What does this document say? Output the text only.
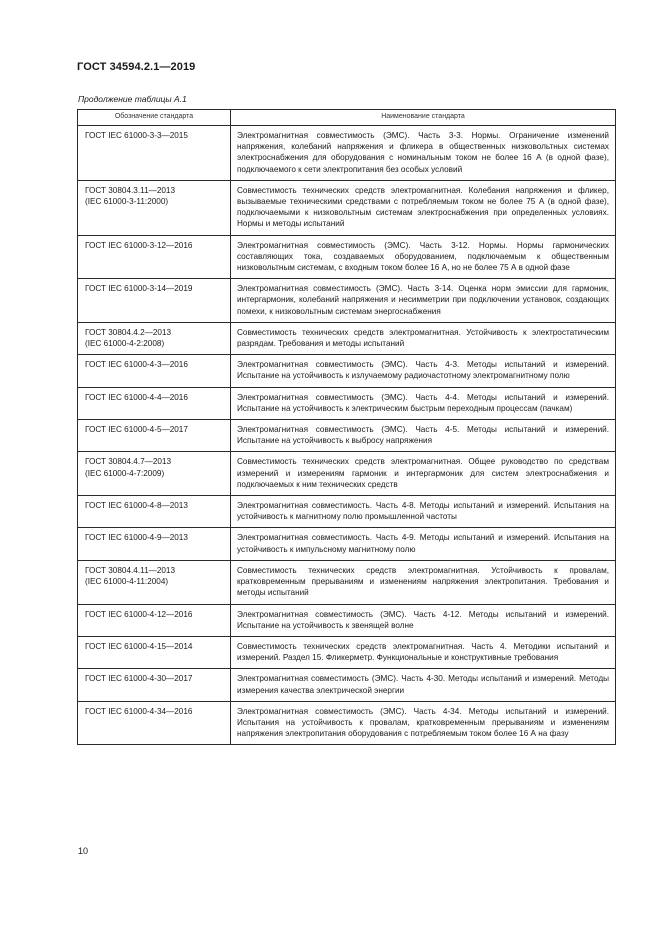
ГОСТ 34594.2.1—2019
Продолжение таблицы А.1
Обозначение стандарта	Наименование стандарта
ГОСТ IEC 61000-3-3—2015	Электромагнитная совместимость (ЭМС). Часть 3-3. Нормы. Ограничение изменений напряжения, колебаний напряжения и фликера в общественных низковольтных системах электроснабжения для оборудования с номинальным током не более 16 А (в одной фазе), подключаемого к сети электропитания без особых условий
ГОСТ 30804.3.11—2013
(IEC 61000-3-11:2000)	Совместимость технических средств электромагнитная. Колебания напряжения и фликер, вызываемые техническими средствами с потребляемым током не более 75 А (в одной фазе), подключаемыми к низковольтным системам электроснабжения при определенных условиях. Нормы и методы испытаний
ГОСТ IEC 61000-3-12—2016	Электромагнитная совместимость (ЭМС). Часть 3-12. Нормы. Нормы гармонических составляющих тока, создаваемых оборудованием, подключаемым к общественным низковольтным системам, с входным током более 16 А, но не более 75 А в одной фазе
ГОСТ IEC 61000-3-14—2019	Электромагнитная совместимость (ЭМС). Часть 3-14. Оценка норм эмиссии для гармоник, интергармоник, колебаний напряжения и несимметрии при подключении установок, создающих помехи, к низковольтным системам энергоснабжения
ГОСТ 30804.4.2—2013
(IEC 61000-4-2:2008)	Совместимость технических средств электромагнитная. Устойчивость к электростатическим разрядам. Требования и методы испытаний
ГОСТ IEC 61000-4-3—2016	Электромагнитная совместимость (ЭМС). Часть 4-3. Методы испытаний и измерений. Испытание на устойчивость к излучаемому радиочастотному электромагнитному полю
ГОСТ IEC 61000-4-4—2016	Электромагнитная совместимость (ЭМС). Часть 4-4. Методы испытаний и измерений. Испытание на устойчивость к электрическим быстрым переходным процессам (пачкам)
ГОСТ IEC 61000-4-5—2017	Электромагнитная совместимость (ЭМС). Часть 4-5. Методы испытаний и измерений. Испытание на устойчивость к выбросу напряжения
ГОСТ 30804.4.7—2013
(IEC 61000-4-7:2009)	Совместимость технических средств электромагнитная. Общее руководство по средствам измерений и измерениям гармоник и интергармоник для систем электроснабжения и подключаемых к ним технических средств
ГОСТ IEC 61000-4-8—2013	Электромагнитная совместимость. Часть 4-8. Методы испытаний и измерений. Испытания на устойчивость к магнитному полю промышленной частоты
ГОСТ IEC 61000-4-9—2013	Электромагнитная совместимость. Часть 4-9. Методы испытаний и измерений. Испытания на устойчивость к импульсному магнитному полю
ГОСТ 30804.4.11—2013
(IEC 61000-4-11:2004)	Совместимость технических средств электромагнитная. Устойчивость к провалам, кратковременным прерываниям и изменениям напряжения электропитания. Требования и методы испытаний
ГОСТ IEC 61000-4-12—2016	Электромагнитная совместимость (ЭМС). Часть 4-12. Методы испытаний и измерений. Испытание на устойчивость к звенящей волне
ГОСТ IEC 61000-4-15—2014	Совместимость технических средств электромагнитная. Часть 4. Методики испытаний и измерений. Раздел 15. Фликерметр. Функциональные и конструктивные требования
ГОСТ IEC 61000-4-30—2017	Электромагнитная совместимость (ЭМС). Часть 4-30. Методы испытаний и измерений. Методы измерения качества электрической энергии
ГОСТ IEC 61000-4-34—2016	Электромагнитная совместимость (ЭМС). Часть 4-34. Методы испытаний и измерений. Испытания на устойчивость к провалам, кратковременным прерываниям и изменениям напряжения электропитания оборудования с потребляемым током более 16 А на фазу
10
